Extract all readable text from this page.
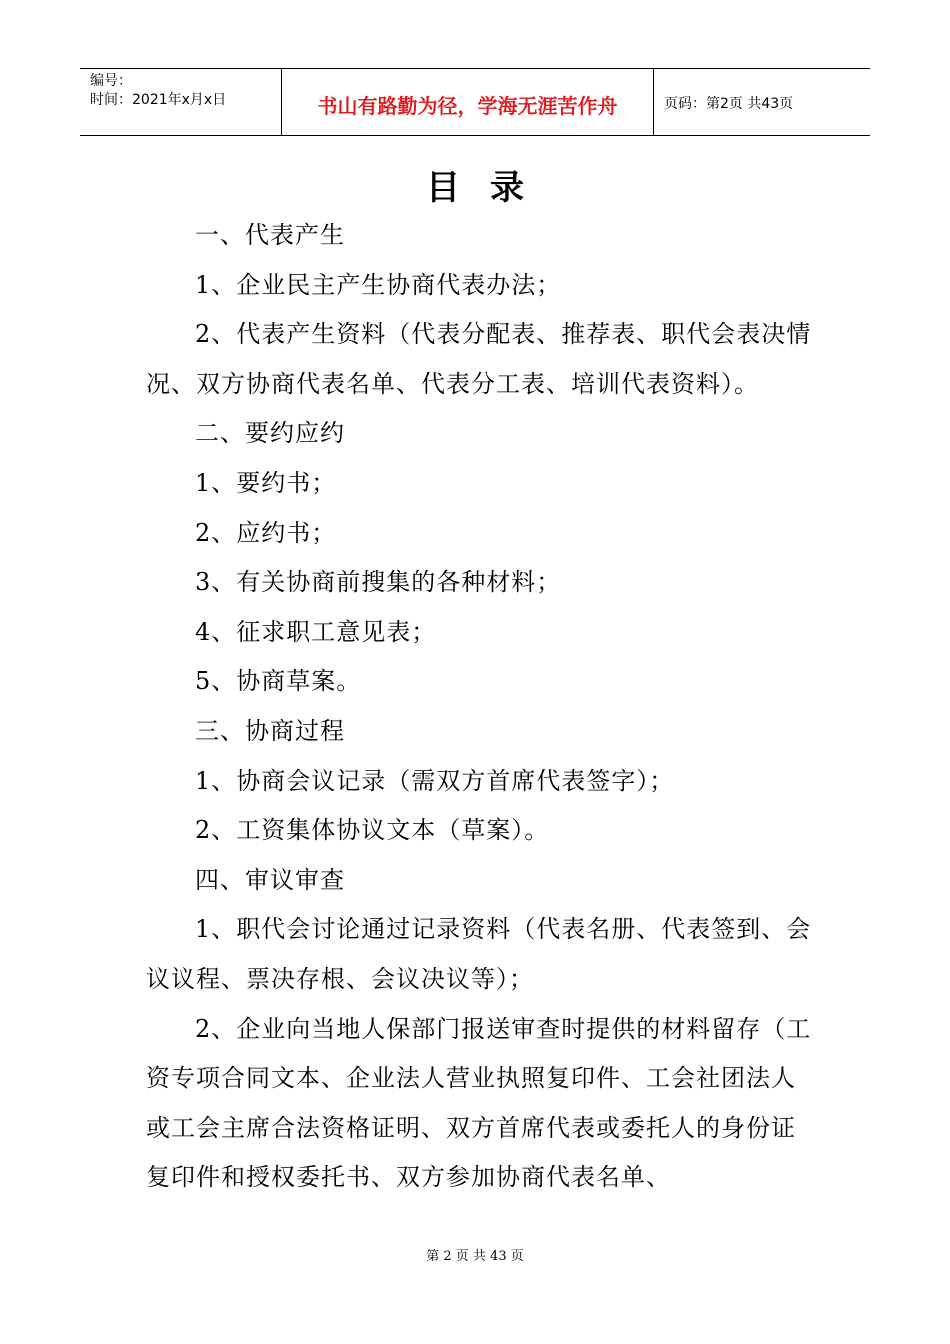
编号：
时间：2021年x月x日	书山有路勤为径，学海无涯苦作舟	页码：第2页 共43页
目录

一、代表产生

1、企业民主产生协商代表办法；

2、代表产生资料（代表分配表、推荐表、职代会表决情况、双方协商代表名单、代表分工表、培训代表资料）。

二、要约应约

1、要约书；

2、应约书；

3、有关协商前搜集的各种材料；

4、征求职工意见表；

5、协商草案。

三、协商过程

1、协商会议记录（需双方首席代表签字）；

2、工资集体协议文本（草案）。

四、审议审查

1、职代会讨论通过记录资料（代表名册、代表签到、会议议程、票决存根、会议决议等）；

2、企业向当地人保部门报送审查时提供的材料留存（工资专项合同文本、企业法人营业执照复印件、工会社团法人或工会主席合法资格证明、双方首席代表或委托人的身份证复印件和授权委托书、双方参加协商代表名单、

第 2 页 共 43 页
